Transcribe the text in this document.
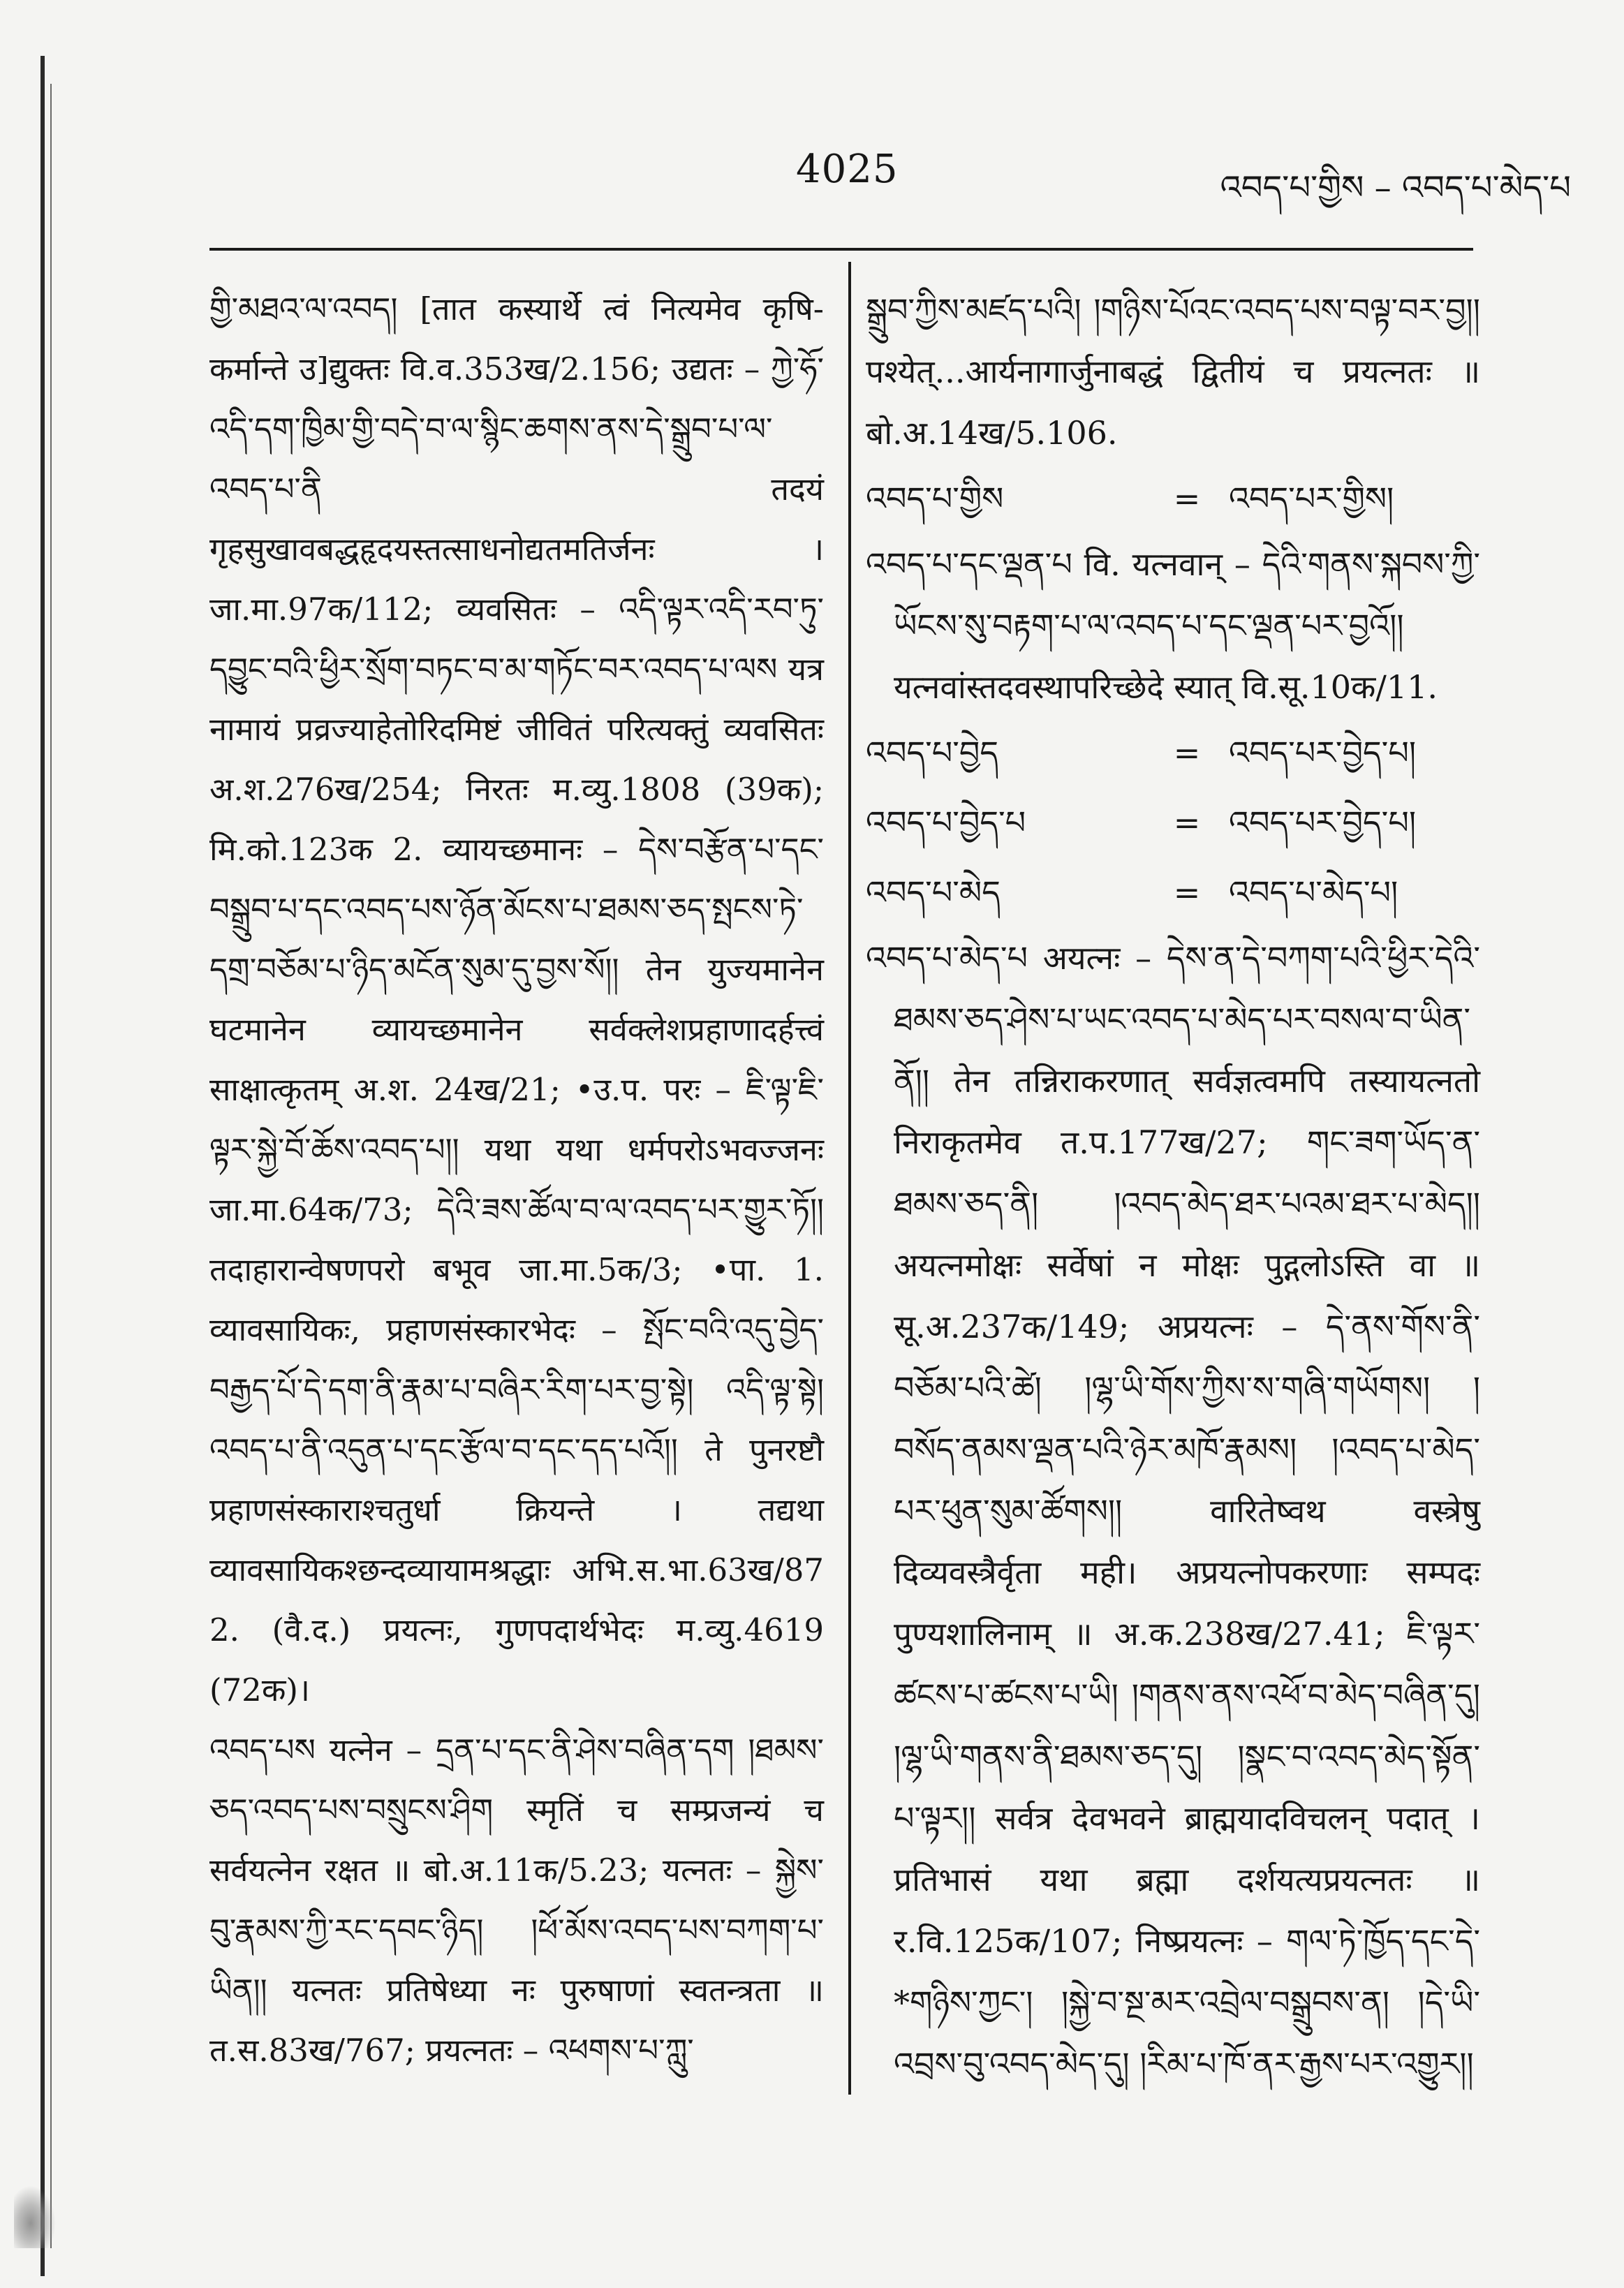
4025	འབད་པ་གྱིས – འབད་པ་མེད་པ

གྱི་མཐའ་ལ་འབད། [तात कस्यार्थे त्वं नित्यमेव कृषि-कर्मान्ते उ]द्युक्तः वि.व.353ख/2.156; उद्यतः – ཀྱེ་ཧོ་འདི་དག་ཁྱིམ་གྱི་བདེ་བ་ལ་སྙིང་ཆགས་ནས་དེ་སྒྲུབ་པ་ལ་འབད་པ་ནི तदयं गृहसुखावबद्धहृदयस्तत्साधनोद्यतमतिर्जनः । जा.मा.97क/112; व्यवसितः – འདི་ལྟར་འདི་རབ་ཏུ་དབྱུང་བའི་ཕྱིར་སྲོག་བཏང་བ་མ་གཏོང་བར་འབད་པ་ལས यत्र नामायं प्रव्रज्याहेतोरिदमिष्टं जीवितं परित्यक्तुं व्यवसितः अ.श.276ख/254; निरतः म.व्यु.1808 (39क); मि.को.123क 2. व्यायच्छमानः – དེས་བརྩོན་པ་དང་བསྒྲུབ་པ་དང་འབད་པས་ཉོན་མོངས་པ་ཐམས་ཅད་སྤངས་ཏེ་དགྲ་བཅོམ་པ་ཉིད་མངོན་སུམ་དུ་བྱས་སོ།། तेन युज्यमानेन घटमानेन व्यायच्छमानेन सर्वक्लेशप्रहाणादर्हत्त्वं साक्षात्कृतम् अ.श. 24ख/21; •उ.प. परः – ཇི་ལྟ་ཇི་ལྟར་སྐྱེ་བོ་ཆོས་འབད་པ།། यथा यथा धर्मपरोऽभवज्जनः जा.मा.64क/73; དེའི་ཟས་ཚོལ་བ་ལ་འབད་པར་གྱུར་ཏོ།། तदाहारान्वेषणपरो बभूव जा.मा.5क/3; •पा. 1. व्यावसायिकः, प्रहाणसंस्कारभेदः – སྤོང་བའི་འདུ་བྱེད་བརྒྱད་པོ་དེ་དག་ནི་རྣམ་པ་བཞིར་རིག་པར་བྱ་སྟེ། འདི་ལྟ་སྟེ། འབད་པ་ནི་འདུན་པ་དང་རྩོལ་བ་དང་དད་པའོ།། ते पुनरष्टौ प्रहाणसंस्काराश्चतुर्धा क्रियन्ते । तद्यथा व्यावसायिकश्छन्दव्यायामश्रद्धाः अभि.स.भा.63ख/87 2. (वै.द.) प्रयत्नः, गुणपदार्थभेदः म.व्यु.4619 (72क)।

འབད་པས यत्नेन – དྲན་པ་དང་ནི་ཤེས་བཞིན་དག །ཐམས་ཅད་འབད་པས་བསྲུངས་ཤིག स्मृतिं च सम्प्रजन्यं च सर्वयत्नेन रक्षत ॥ बो.अ.11क/5.23; यत्नतः – སྐྱེས་བུ་རྣམས་ཀྱི་རང་དབང་ཉིད། །ཕོ་མོས་འབད་པས་བཀག་པ་ཡིན།། यत्नतः प्रतिषेध्या नः पुरुषाणां स्वतन्त्रता ॥ त.स.83ख/767; प्रयत्नतः – འཕགས་པ་ཀླུ་

སྒྲུབ་ཀྱིས་མཛད་པའི། །གཉིས་པོའང་འབད་པས་བལྟ་བར་བྱ།། पश्येत्...आर्यनागार्जुनाबद्धं द्वितीयं च प्रयत्नतः ॥ बो.अ.14ख/5.106.

འབད་པ་གྱིས	= འབད་པར་གྱིས།

འབད་པ་དང་ལྡན་པ वि. यत्नवान् – དེའི་གནས་སྐབས་ཀྱི་ཡོངས་སུ་བརྟག་པ་ལ་འབད་པ་དང་ལྡན་པར་བྱའོ།། यत्नवांस्तदवस्थापरिच्छेदे स्यात् वि.सू.10क/11.

འབད་པ་བྱེད	= འབད་པར་བྱེད་པ།
འབད་པ་བྱེད་པ	= འབད་པར་བྱེད་པ།
འབད་པ་མེད	= འབད་པ་མེད་པ།

འབད་པ་མེད་པ अयत्नः – དེས་ན་དེ་བཀག་པའི་ཕྱིར་དེའི་ཐམས་ཅད་ཤེས་པ་ཡང་འབད་པ་མེད་པར་བསལ་བ་ཡིན་ནོ།། तेन तन्निराकरणात् सर्वज्ञत्वमपि तस्यायत्नतो निराकृतमेव त.प.177ख/27; གང་ཟག་ཡོད་ན་ཐམས་ཅད་ནི། །འབད་མེད་ཐར་པའམ་ཐར་པ་མེད།། अयत्नमोक्षः सर्वेषां न मोक्षः पुद्गलोऽस्ति वा ॥ सू.अ.237क/149; अप्रयत्नः – དེ་ནས་གོས་ནི་བཅོམ་པའི་ཚེ། །ལྷ་ཡི་གོས་ཀྱིས་ས་གཞི་གཡོགས། །བསོད་ནམས་ལྡན་པའི་ཉེར་མཁོ་རྣམས། །འབད་པ་མེད་པར་ཕུན་སུམ་ཚོགས།། वारितेष्वथ वस्त्रेषु दिव्यवस्त्रैर्वृता मही। अप्रयत्नोपकरणाः सम्पदः पुण्यशालिनाम् ॥ अ.क.238ख/27.41; ཇི་ལྟར་ཚངས་པ་ཚངས་པ་ཡི། །གནས་ནས་འཕོ་བ་མེད་བཞིན་དུ། །ལྷ་ཡི་གནས་ནི་ཐམས་ཅད་དུ། །སྣང་བ་འབད་མེད་སྟོན་པ་ལྟར།། सर्वत्र देवभवने ब्राह्मयादविचलन् पदात् । प्रतिभासं यथा ब्रह्मा दर्शयत्यप्रयत्नतः ॥ र.वि.125क/107; निष्प्रयत्नः – གལ་ཏེ་ཁྱོད་དང་དེ་*གཉིས་ཀྱང་། །སྐྱེ་བ་སྔ་མར་འབྲེལ་བསྒྲུབས་ན། །དེ་ཡི་འབྲས་བུ་འབད་མེད་དུ། །རིམ་པ་ཁོ་ནར་རྒྱས་པར་འགྱུར།།
